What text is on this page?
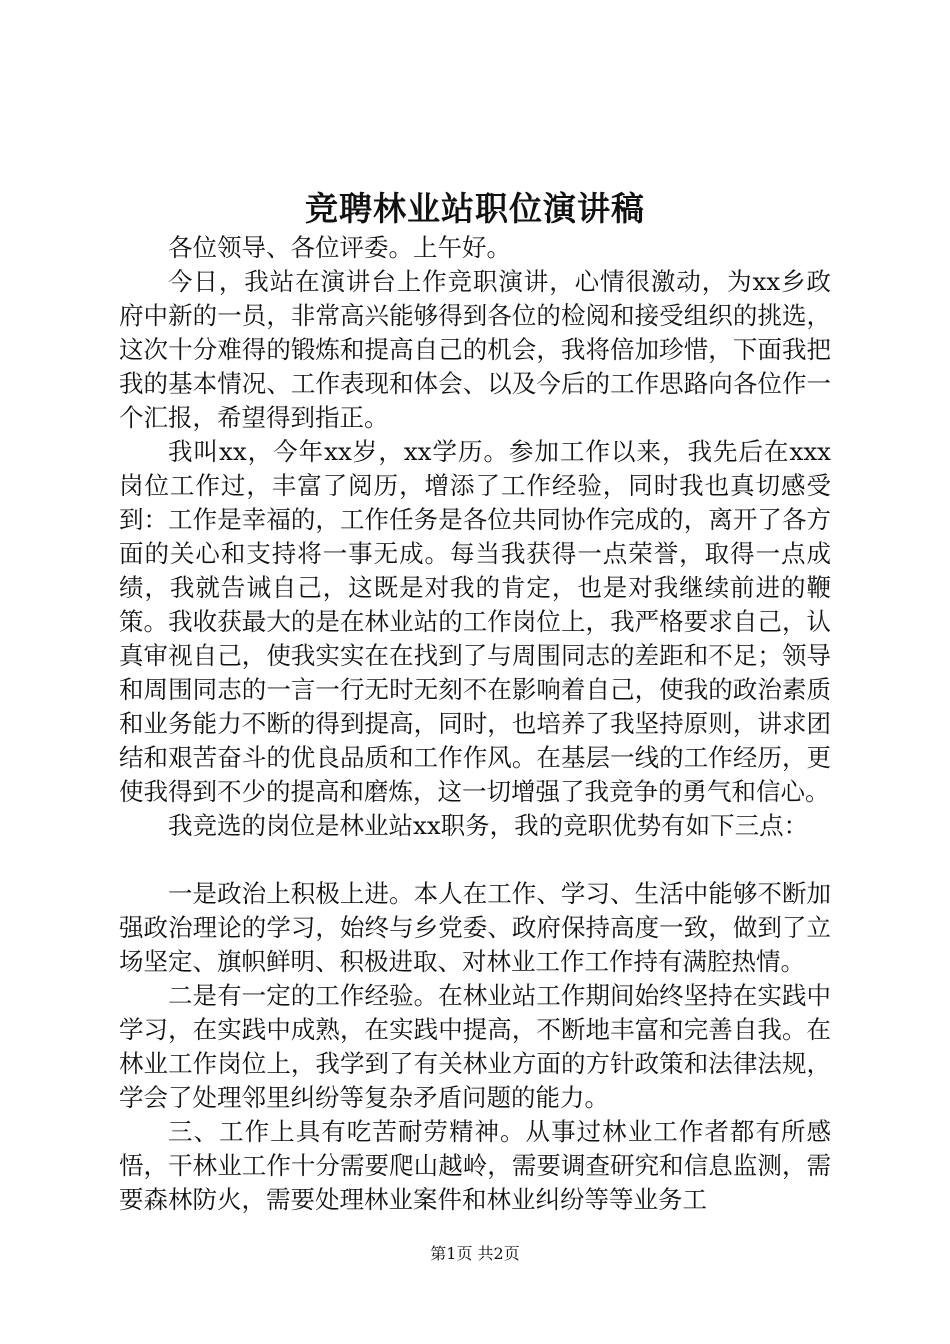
竞聘林业站职位演讲稿

各位领导、各位评委。上午好。

今日，我站在演讲台上作竞职演讲，心情很激动，为xx乡政府中新的一员，非常高兴能够得到各位的检阅和接受组织的挑选，这次十分难得的锻炼和提高自己的机会，我将倍加珍惜，下面我把我的基本情况、工作表现和体会、以及今后的工作思路向各位作一个汇报，希望得到指正。

我叫xx，今年xx岁，xx学历。参加工作以来，我先后在xxx岗位工作过，丰富了阅历，增添了工作经验，同时我也真切感受到：工作是幸福的，工作任务是各位共同协作完成的，离开了各方面的关心和支持将一事无成。每当我获得一点荣誉，取得一点成绩，我就告诫自己，这既是对我的肯定，也是对我继续前进的鞭策。我收获最大的是在林业站的工作岗位上，我严格要求自己，认真审视自己，使我实实在在找到了与周围同志的差距和不足；领导和周围同志的一言一行无时无刻不在影响着自己，使我的政治素质和业务能力不断的得到提高，同时，也培养了我坚持原则，讲求团结和艰苦奋斗的优良品质和工作作风。在基层一线的工作经历，更使我得到不少的提高和磨炼，这一切增强了我竞争的勇气和信心。

我竞选的岗位是林业站xx职务，我的竞职优势有如下三点：

一是政治上积极上进。本人在工作、学习、生活中能够不断加强政治理论的学习，始终与乡党委、政府保持高度一致，做到了立场坚定、旗帜鲜明、积极进取、对林业工作工作持有满腔热情。

二是有一定的工作经验。在林业站工作期间始终坚持在实践中学习，在实践中成熟，在实践中提高，不断地丰富和完善自我。在林业工作岗位上，我学到了有关林业方面的方针政策和法律法规，学会了处理邻里纠纷等复杂矛盾问题的能力。

三、工作上具有吃苦耐劳精神。从事过林业工作者都有所感悟，干林业工作十分需要爬山越岭，需要调查研究和信息监测，需要森林防火，需要处理林业案件和林业纠纷等等业务工

第1页 共2页
